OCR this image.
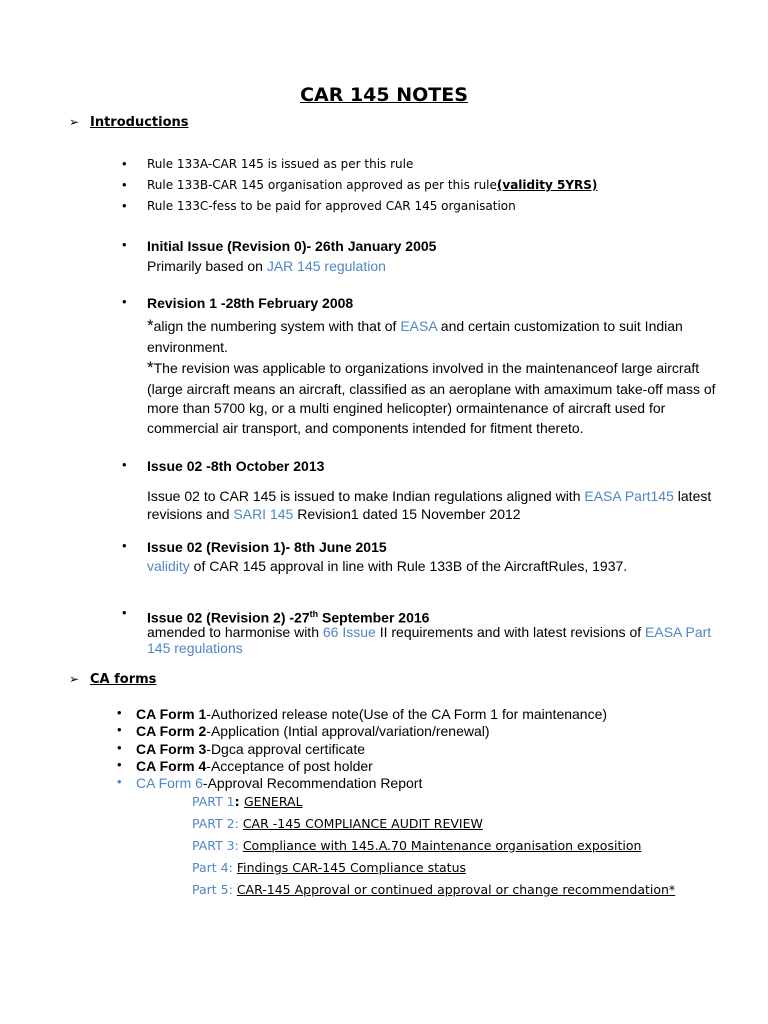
CAR 145 NOTES
➢ Introductions
• Rule 133A-CAR 145 is issued as per this rule
• Rule 133B-CAR 145 organisation approved as per this rule(validity 5YRS)
• Rule 133C-fess to be paid for approved CAR 145 organisation
• Initial Issue (Revision 0)- 26th January 2005
Primarily based on JAR 145 regulation
• Revision 1 -28th February 2008
*align the numbering system with that of EASA and certain customization to suit Indian
environment.
*The revision was applicable to organizations involved in the maintenanceof large aircraft
(large aircraft means an aircraft, classified as an aeroplane with amaximum take-off mass of
more than 5700 kg, or a multi engined helicopter) ormaintenance of aircraft used for
commercial air transport, and components intended for fitment thereto.
• Issue 02 -8th October 2013
Issue 02 to CAR 145 is issued to make Indian regulations aligned with EASA Part145 latest
revisions and SARI 145 Revision1 dated 15 November 2012
• Issue 02 (Revision 1)- 8th June 2015
validity of CAR 145 approval in line with Rule 133B of the AircraftRules, 1937.
• Issue 02 (Revision 2) -27th September 2016
amended to harmonise with 66 Issue II requirements and with latest revisions of EASA Part
145 regulations
➢ CA forms
• CA Form 1-Authorized release note(Use of the CA Form 1 for maintenance)
• CA Form 2-Application (Intial approval/variation/renewal)
• CA Form 3-Dgca approval certificate
• CA Form 4-Acceptance of post holder
• CA Form 6-Approval Recommendation Report
PART 1: GENERAL
PART 2: CAR -145 COMPLIANCE AUDIT REVIEW
PART 3: Compliance with 145.A.70 Maintenance organisation exposition
Part 4: Findings CAR-145 Compliance status
Part 5: CAR-145 Approval or continued approval or change recommendation*
